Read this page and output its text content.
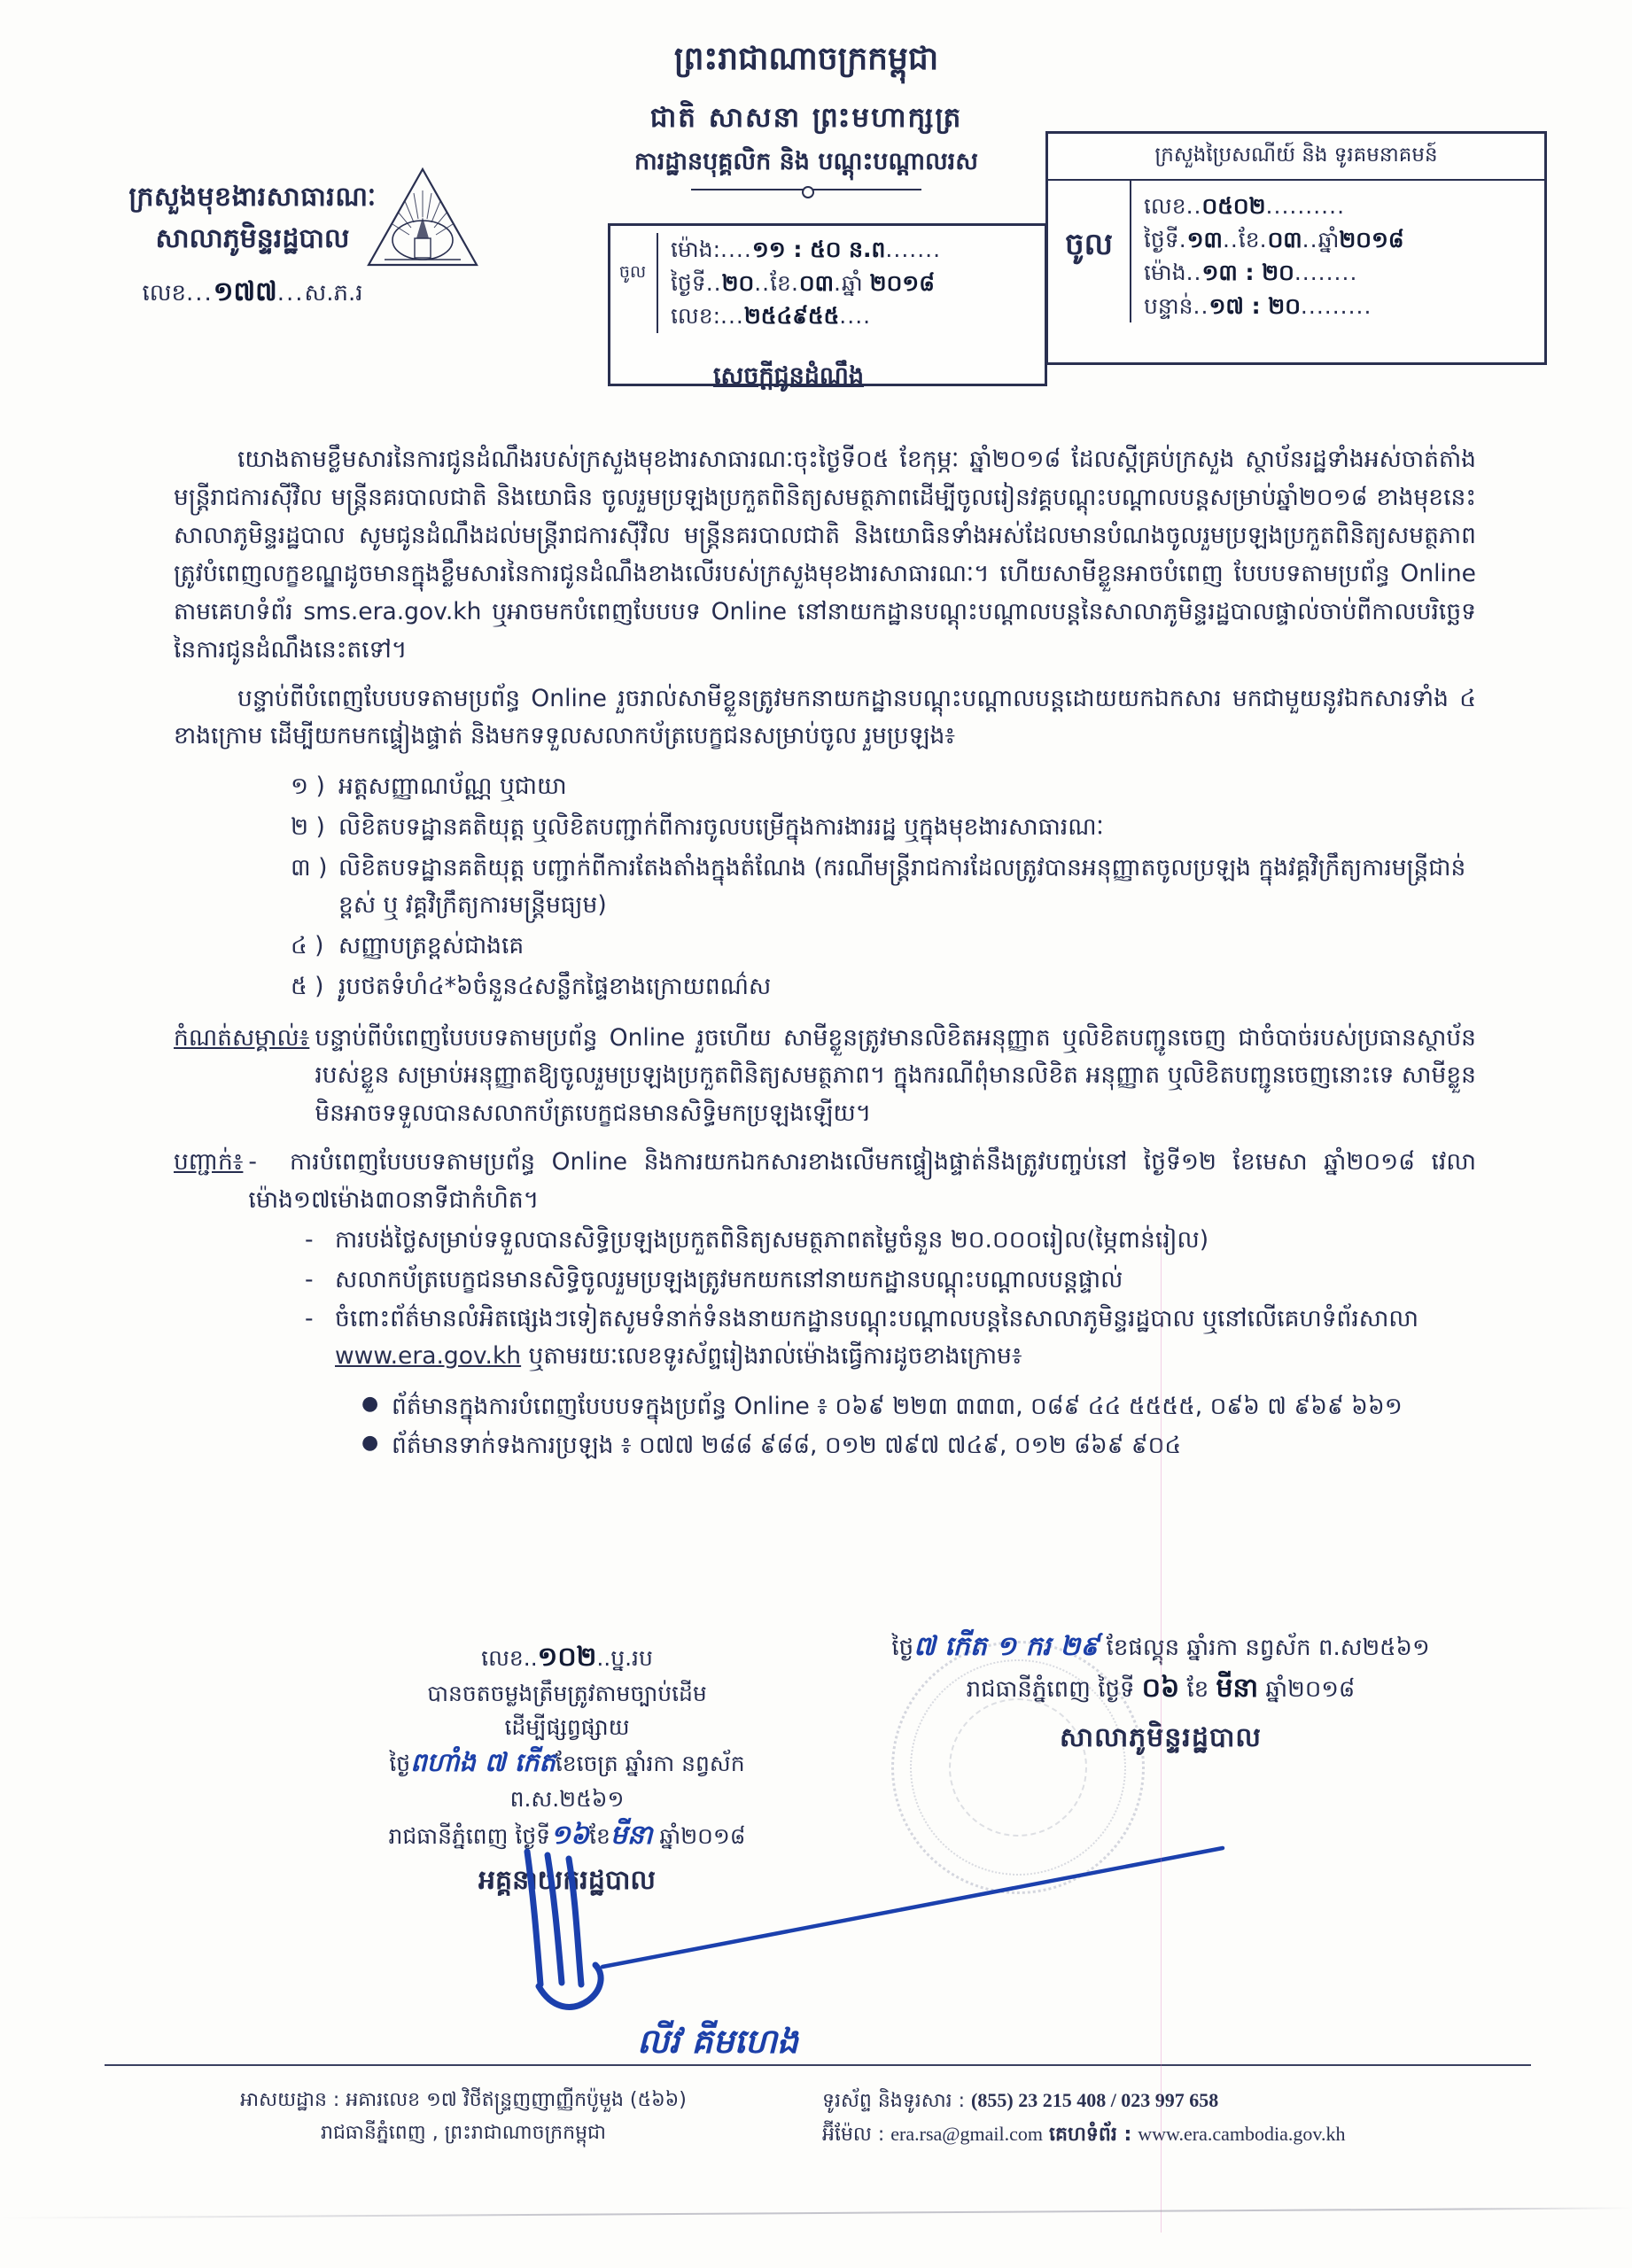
ក្រសួងមុខងារសាធារណៈ
សាលាភូមិន្ទរដ្ឋបាល
លេខ...១៧៧...ស.ភ.រ
ព្រះរាជាណាចក្រកម្ពុជា
ជាតិ សាសនា ព្រះមហាក្សត្រ
ការដ្ឋានបុគ្គលិក និង បណ្តុះបណ្តាលរស
ចូល
ម៉ោង:....១១ : ៥០ ន.ព.......
ថ្ងៃទី..២០..ខែ.០៣.ឆ្នាំ ២០១៨
លេខ:...២៥៤៩៥៥....
ក្រសួងប្រៃសណីយ៍ និង ទូរគមនាគមន៍
ចូល
លេខ..០៥០២..........
ថ្ងៃទី.១៣..ខែ.០៣..ឆ្នាំ២០១៨
ម៉ោង..១៣ : ២០........
បន្ទាន់..១៧ : ២០.........
សេចក្តីជូនដំណឹង

យោងតាមខ្លឹមសារនៃការជូនដំណឹងរបស់ក្រសួងមុខងារសាធារណៈចុះថ្ងៃទី០៥ ខែកុម្ភៈ ឆ្នាំ២០១៨ ដែលស្តីគ្រប់ក្រសួង ស្ថាប័នរដ្ឋទាំងអស់ចាត់តាំងមន្ត្រីរាជការស៊ីវិល មន្ត្រីនគរបាលជាតិ និងយោធិន ចូលរួមប្រឡងប្រកួតពិនិត្យសមត្ថភាពដើម្បីចូលរៀនវគ្គបណ្តុះបណ្តាលបន្តសម្រាប់ឆ្នាំ២០១៨ ខាងមុខនេះ សាលាភូមិន្ទរដ្ឋបាល សូមជូនដំណឹងដល់មន្ត្រីរាជការស៊ីវិល មន្ត្រីនគរបាលជាតិ និងយោធិនទាំងអស់ដែលមានបំណងចូលរួមប្រឡងប្រកួតពិនិត្យសមត្ថភាពត្រូវបំពេញលក្ខខណ្ឌដូចមានក្នុងខ្លឹមសារនៃការជូនដំណឹងខាងលើរបស់ក្រសួងមុខងារសាធារណៈ។ ហើយសាមីខ្លួនអាចបំពេញ បែបបទតាមប្រព័ន្ធ Online តាមគេហទំព័រ sms.era.gov.kh ឬអាចមកបំពេញបែបបទ Online នៅនាយកដ្ឋានបណ្តុះបណ្តាលបន្តនៃសាលាភូមិន្ទរដ្ឋបាលផ្ទាល់ចាប់ពីកាលបរិច្ឆេទនៃការជូនដំណឹងនេះតទៅ។

បន្ទាប់ពីបំពេញបែបបទតាមប្រព័ន្ធ Online រួចរាល់សាមីខ្លួនត្រូវមកនាយកដ្ឋានបណ្តុះបណ្តាលបន្តដោយយកឯកសារ មកជាមួយនូវឯកសារទាំង ៤ ខាងក្រោម ដើម្បីយកមកផ្ទៀងផ្ទាត់ និងមកទទួលសលាកប័ត្របេក្ខជនសម្រាប់ចូល រួមប្រឡង៖

១ ) អត្តសញ្ញាណប័ណ្ណ ឬជាយា
២ ) លិខិតបទដ្ឋានគតិយុត្ត ឬលិខិតបញ្ជាក់ពីការចូលបម្រើក្នុងការងាររដ្ឋ ឬក្នុងមុខងារសាធារណៈ
៣ ) លិខិតបទដ្ឋានគតិយុត្ត បញ្ជាក់ពីការតែងតាំងក្នុងតំណែង (ករណីមន្ត្រីរាជការដែលត្រូវបានអនុញ្ញាតចូលប្រឡង ក្នុងវគ្គវិក្រឹត្យការមន្ត្រីជាន់ខ្ពស់ ឬ វគ្គវិក្រឹត្យការមន្ត្រីមធ្យម)
៤ ) សញ្ញាបត្រខ្ពស់ជាងគេ
៥ ) រូបថតទំហំ៤*៦ចំនួន៤សន្លឹកផ្ទៃខាងក្រោយពណ៌ស
កំណត់សម្គាល់៖ បន្ទាប់ពីបំពេញបែបបទតាមប្រព័ន្ធ Online រួចហើយ សាមីខ្លួនត្រូវមានលិខិតអនុញ្ញាត ឬលិខិតបញ្ជូនចេញ ជាចំបាច់របស់ប្រធានស្ថាប័នរបស់ខ្លួន សម្រាប់អនុញ្ញាតឱ្យចូលរួមប្រឡងប្រកួតពិនិត្យសមត្ថភាព។ ក្នុងករណីពុំមានលិខិត អនុញ្ញាត ឬលិខិតបញ្ជូនចេញនោះទេ សាមីខ្លួនមិនអាចទទួលបានសលាកប័ត្របេក្ខជនមានសិទ្ធិមកប្រឡងឡើយ។
បញ្ជាក់៖ -  ការបំពេញបែបបទតាមប្រព័ន្ធ Online និងការយកឯកសារខាងលើមកផ្ទៀងផ្ទាត់នឹងត្រូវបញ្ចប់នៅ ថ្ងៃទី១២ ខែមេសា ឆ្នាំ២០១៨ វេលាម៉ោង១៧ម៉ោង៣០នាទីជាកំហិត។
- ការបង់ថ្លៃសម្រាប់ទទួលបានសិទ្ធិប្រឡងប្រកួតពិនិត្យសមត្ថភាពតម្លៃចំនួន ២០.០០០រៀល(ម្ភៃពាន់រៀល)
- សលាកប័ត្របេក្ខជនមានសិទ្ធិចូលរួមប្រឡងត្រូវមកយកនៅនាយកដ្ឋានបណ្តុះបណ្តាលបន្តផ្ទាល់
- ចំពោះព័ត៌មានលំអិតផ្សេងៗទៀតសូមទំនាក់ទំនងនាយកដ្ឋានបណ្តុះបណ្តាលបន្តនៃសាលាភូមិន្ទរដ្ឋបាល ឬនៅលើគេហទំព័រសាលា www.era.gov.kh ឬតាមរយៈលេខទូរស័ព្ទរៀងរាល់ម៉ោងធ្វើការដូចខាងក្រោម៖
● ព័ត៌មានក្នុងការបំពេញបែបបទក្នុងប្រព័ន្ធ Online ៖ ០៦៩ ២២៣ ៣៣៣, ០៨៩ ៤៤ ៥៥៥៥, ០៩៦ ៧ ៩៦៩ ៦៦១
● ព័ត៌មានទាក់ទងការប្រឡង ៖ ០៧៧ ២៨៨ ៩៨៨, ០១២ ៧៩៧ ៧៤៩, ០១២ ៨៦៩ ៩០៤
លេខ..១០២..ប្ន.រប
បានចតចម្លងត្រឹមត្រូវតាមច្បាប់ដើម
ដើម្បីផ្សព្វផ្សាយ
ថ្ងៃពហាំង ៧ កើតខែចេត្រ ឆ្នាំរកា នព្វស័ក ព.ស.២៥៦១
រាជធានីភ្នំពេញ ថ្ងៃទី១៦ខែមីនា ឆ្នាំ២០១៨
អគ្គនាយករដ្ឋបាល
ថ្ងៃ៧ កើត ១ ករ ២៩ ខែផល្គុន ឆ្នាំរកា នព្វស័ក ព.ស២៥៦១
រាជធានីភ្នំពេញ ថ្ងៃទី ០៦ ខែ មីនា ឆ្នាំ២០១៨
សាលាភូមិន្ទរដ្ឋបាល
លីវ គីមហេង
អាសយដ្ឋាន : អគារលេខ ១៧ វិថីឥន្រ្ទញញាញ្ញីកប៉ូមួង (៥៦៦)
រាជធានីភ្នំពេញ , ព្រះរាជាណាចក្រកម្ពុជា
ទូរស័ព្ទ និងទូរសារ : (855) 23 215 408 / 023 997 658
អ៊ីម៉ែល : era.rsa@gmail.com គេហទំព័រ : www.era.cambodia.gov.kh
